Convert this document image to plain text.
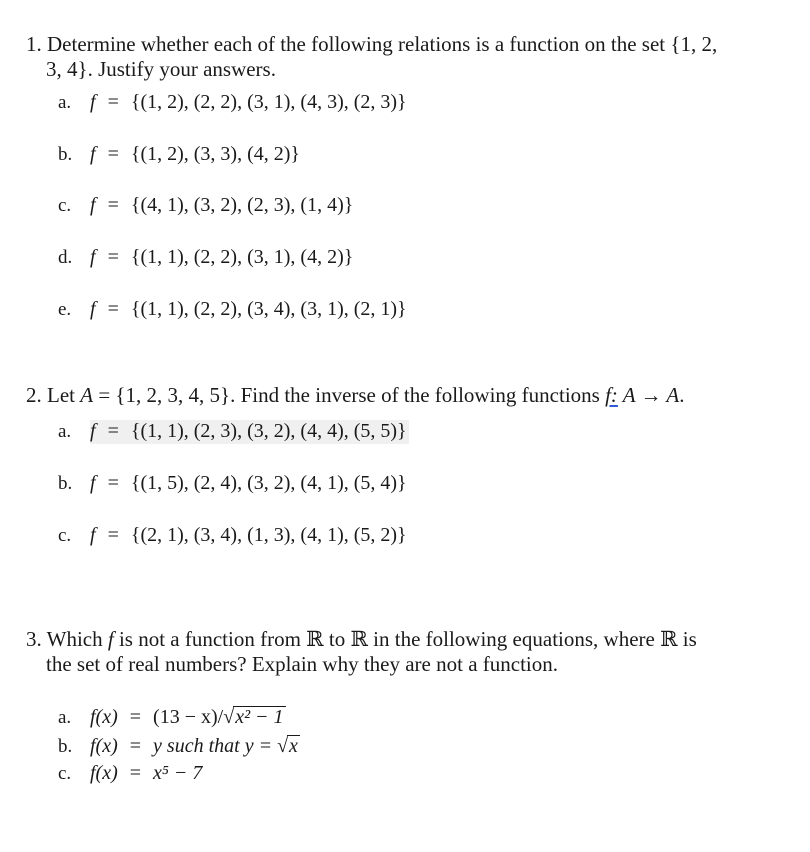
1. Determine whether each of the following relations is a function on the set {1, 2,
3, 4}. Justify your answers.
a. f = {(1, 2), (2, 2), (3, 1), (4, 3), (2, 3)}
b. f = {(1, 2), (3, 3), (4, 2)}
c. f = {(4, 1), (3, 2), (2, 3), (1, 4)}
d. f = {(1, 1), (2, 2), (3, 1), (4, 2)}
e. f = {(1, 1), (2, 2), (3, 4), (3, 1), (2, 1)}
2. Let A = {1, 2, 3, 4, 5}. Find the inverse of the following functions f: A → A.
a. f = {(1, 1), (2, 3), (3, 2), (4, 4), (5, 5)}
b. f = {(1, 5), (2, 4), (3, 2), (4, 1), (5, 4)}
c. f = {(2, 1), (3, 4), (1, 3), (4, 1), (5, 2)}
3. Which f is not a function from ℝ to ℝ in the following equations, where ℝ is
the set of real numbers? Explain why they are not a function.
a. f(x) = (13 − x)/√x² − 1
b. f(x) = y such that y = √x
c. f(x) = x⁵ − 7
